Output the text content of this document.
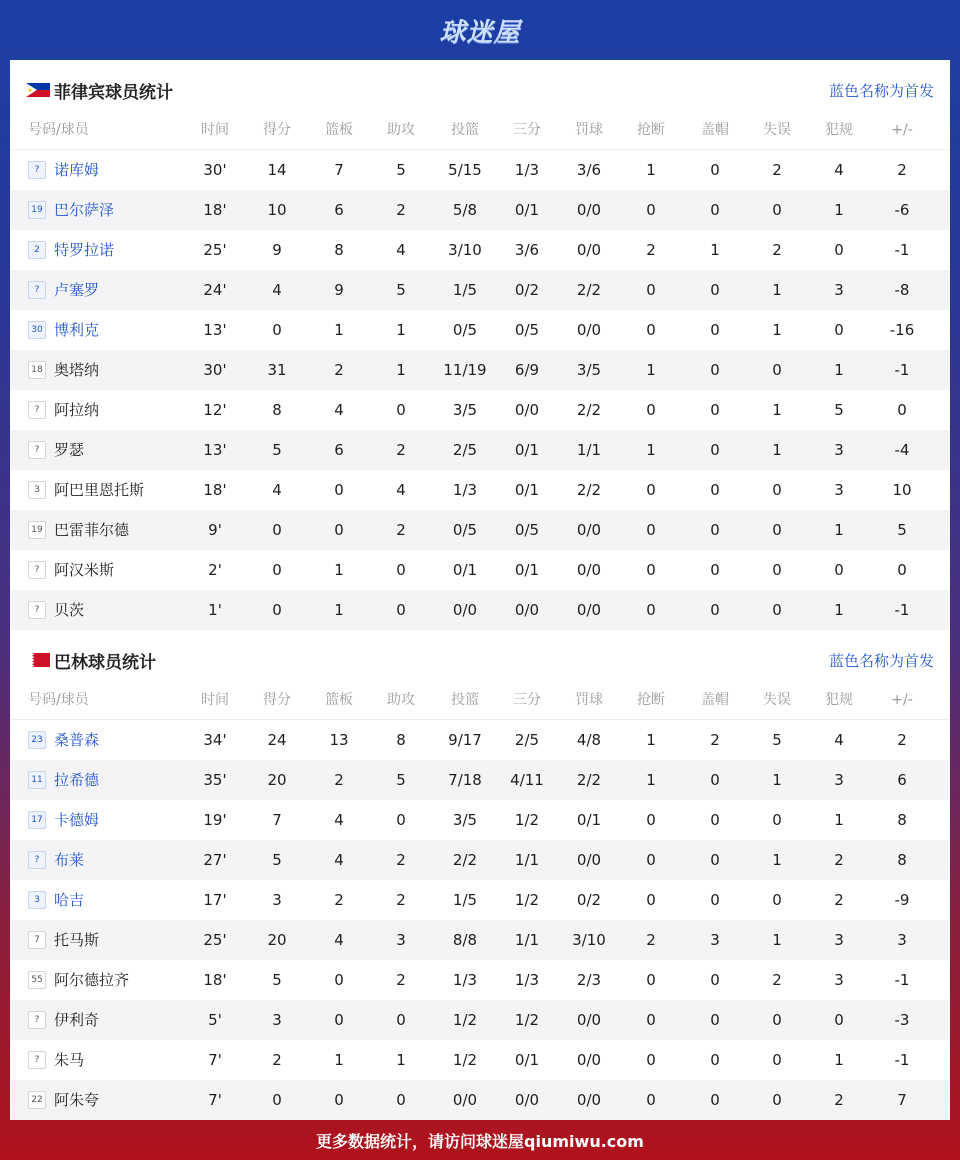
球迷屋
菲律宾球员统计	蓝色名称为首发
号码/球员	时间	得分	篮板	助攻	投篮	三分	罚球	抢断	盖帽	失误	犯规	+/-
? 诺库姆	30'	14	7	5	5/15	1/3	3/6	1	0	2	4	2
19 巴尔萨泽	18'	10	6	2	5/8	0/1	0/0	0	0	0	1	-6
2 特罗拉诺	25'	9	8	4	3/10	3/6	0/0	2	1	2	0	-1
? 卢塞罗	24'	4	9	5	1/5	0/2	2/2	0	0	1	3	-8
30 博利克	13'	0	1	1	0/5	0/5	0/0	0	0	1	0	-16
18 奥塔纳	30'	31	2	1	11/19	6/9	3/5	1	0	0	1	-1
? 阿拉纳	12'	8	4	0	3/5	0/0	2/2	0	0	1	5	0
? 罗瑟	13'	5	6	2	2/5	0/1	1/1	1	0	1	3	-4
3 阿巴里恩托斯	18'	4	0	4	1/3	0/1	2/2	0	0	0	3	10
19 巴雷菲尔德	9'	0	0	2	0/5	0/5	0/0	0	0	0	1	5
? 阿汉米斯	2'	0	1	0	0/1	0/1	0/0	0	0	0	0	0
? 贝茨	1'	0	1	0	0/0	0/0	0/0	0	0	0	1	-1
巴林球员统计	蓝色名称为首发
号码/球员	时间	得分	篮板	助攻	投篮	三分	罚球	抢断	盖帽	失误	犯规	+/-
23 桑普森	34'	24	13	8	9/17	2/5	4/8	1	2	5	4	2
11 拉希德	35'	20	2	5	7/18	4/11	2/2	1	0	1	3	6
17 卡德姆	19'	7	4	0	3/5	1/2	0/1	0	0	0	1	8
? 布莱	27'	5	4	2	2/2	1/1	0/0	0	0	1	2	8
3 哈吉	17'	3	2	2	1/5	1/2	0/2	0	0	0	2	-9
7 托马斯	25'	20	4	3	8/8	1/1	3/10	2	3	1	3	3
55 阿尔德拉齐	18'	5	0	2	1/3	1/3	2/3	0	0	2	3	-1
? 伊利奇	5'	3	0	0	1/2	1/2	0/0	0	0	0	0	-3
? 朱马	7'	2	1	1	1/2	0/1	0/0	0	0	0	1	-1
22 阿朱夸	7'	0	0	0	0/0	0/0	0/0	0	0	0	2	7
更多数据统计，请访问球迷屋qiumiwu.com
